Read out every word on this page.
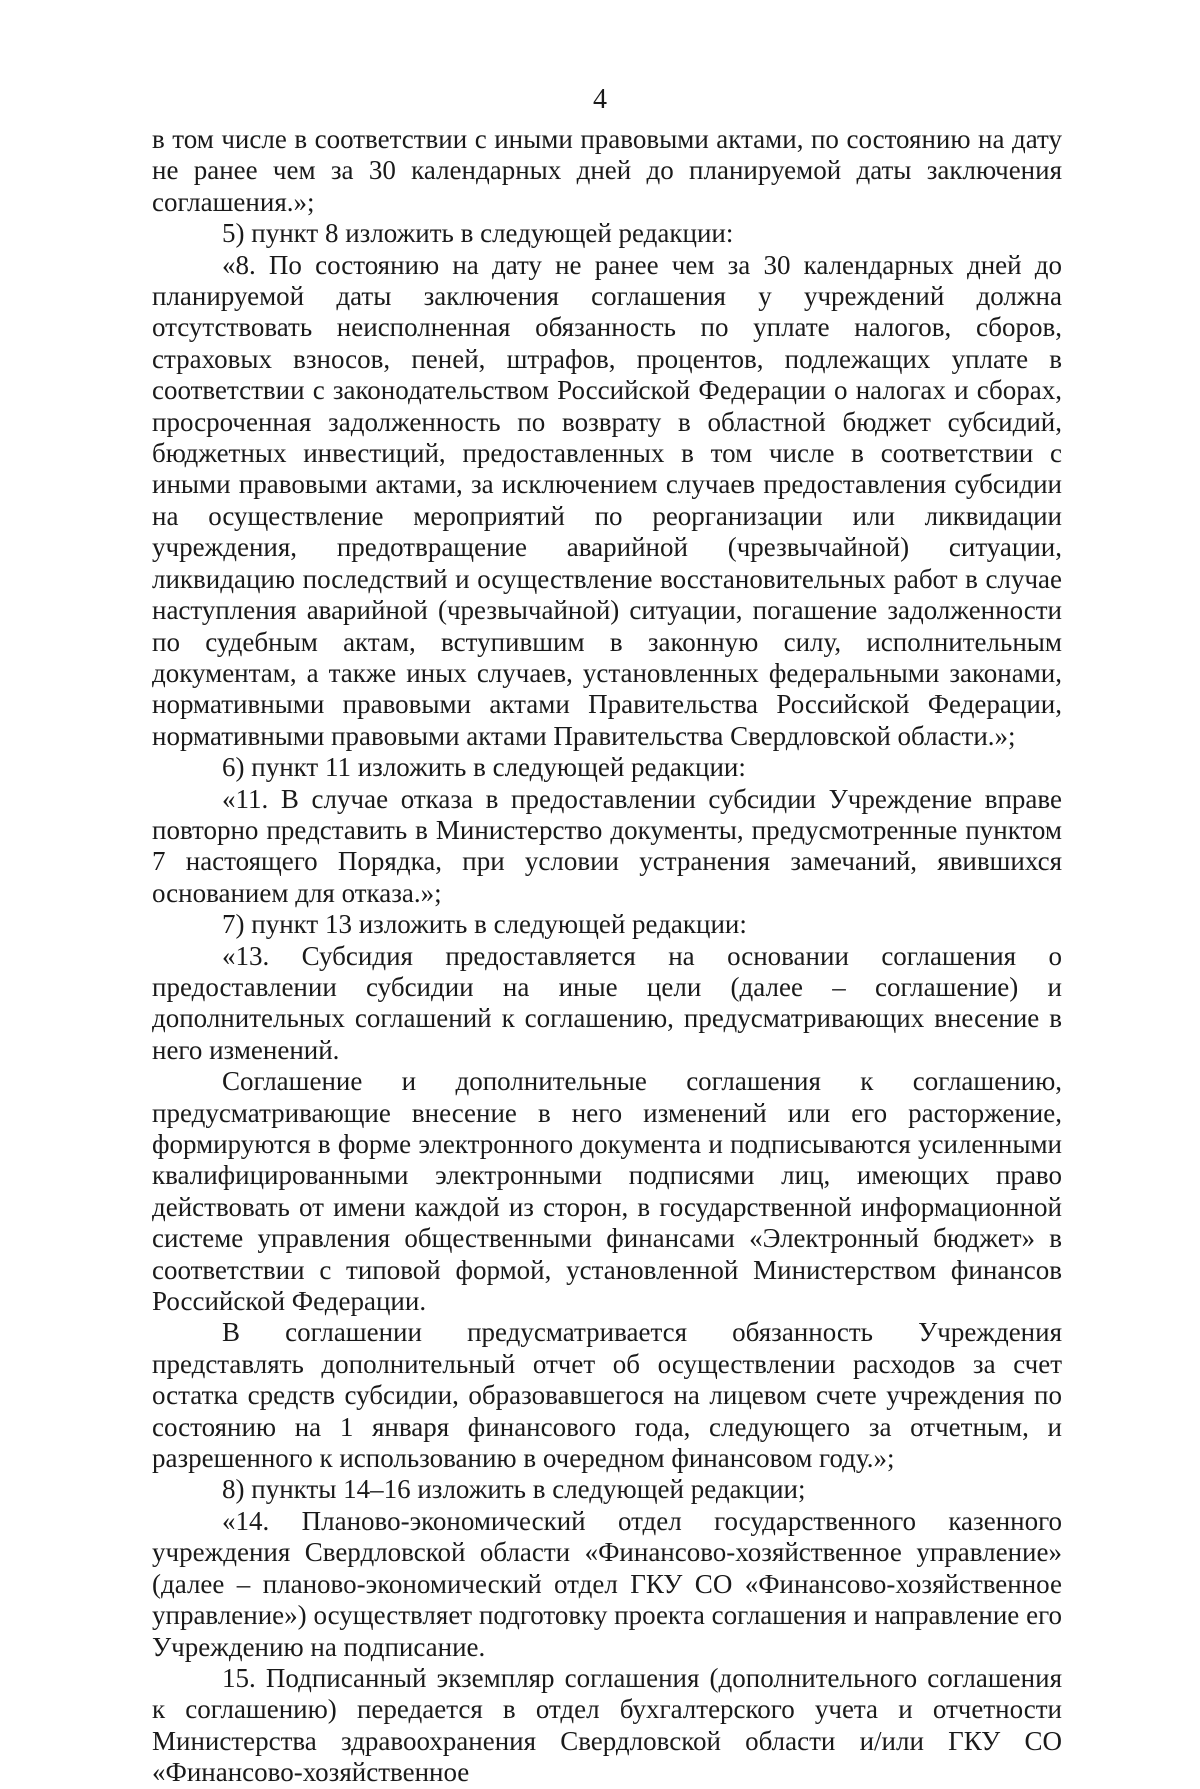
4

в том числе в соответствии с иными правовыми актами, по состоянию на дату не ранее чем за 30 календарных дней до планируемой даты заключения соглашения.»;

5) пункт 8 изложить в следующей редакции:

«8. По состоянию на дату не ранее чем за 30 календарных дней до планируемой даты заключения соглашения у учреждений должна отсутствовать неисполненная обязанность по уплате налогов, сборов, страховых взносов, пеней, штрафов, процентов, подлежащих уплате в соответствии с законодательством Российской Федерации о налогах и сборах, просроченная задолженность по возврату в областной бюджет субсидий, бюджетных инвестиций, предоставленных в том числе в соответствии с иными правовыми актами, за исключением случаев предоставления субсидии на осуществление мероприятий по реорганизации или ликвидации учреждения, предотвращение аварийной (чрезвычайной) ситуации, ликвидацию последствий и осуществление восстановительных работ в случае наступления аварийной (чрезвычайной) ситуации, погашение задолженности по судебным актам, вступившим в законную силу, исполнительным документам, а также иных случаев, установленных федеральными законами, нормативными правовыми актами Правительства Российской Федерации, нормативными правовыми актами Правительства Свердловской области.»;

6) пункт 11 изложить в следующей редакции:

«11. В случае отказа в предоставлении субсидии Учреждение вправе повторно представить в Министерство документы, предусмотренные пунктом 7 настоящего Порядка, при условии устранения замечаний, явившихся основанием для отказа.»;

7) пункт 13 изложить в следующей редакции:

«13. Субсидия предоставляется на основании соглашения о предоставлении субсидии на иные цели (далее – соглашение) и дополнительных соглашений к соглашению, предусматривающих внесение в него изменений.

Соглашение и дополнительные соглашения к соглашению, предусматривающие внесение в него изменений или его расторжение, формируются в форме электронного документа и подписываются усиленными квалифицированными электронными подписями лиц, имеющих право действовать от имени каждой из сторон, в государственной информационной системе управления общественными финансами «Электронный бюджет» в соответствии с типовой формой, установленной Министерством финансов Российской Федерации.

В соглашении предусматривается обязанность Учреждения представлять дополнительный отчет об осуществлении расходов за счет остатка средств субсидии, образовавшегося на лицевом счете учреждения по состоянию на 1 января финансового года, следующего за отчетным, и разрешенного к использованию в очередном финансовом году.»;

8) пункты 14–16 изложить в следующей редакции;

«14. Планово-экономический отдел государственного казенного учреждения Свердловской области «Финансово-хозяйственное управление» (далее – планово-экономический отдел ГКУ СО «Финансово-хозяйственное управление») осуществляет подготовку проекта соглашения и направление его Учреждению на подписание.

15. Подписанный экземпляр соглашения (дополнительного соглашения к соглашению) передается в отдел бухгалтерского учета и отчетности Министерства здравоохранения Свердловской области и/или ГКУ СО «Финансово-хозяйственное
